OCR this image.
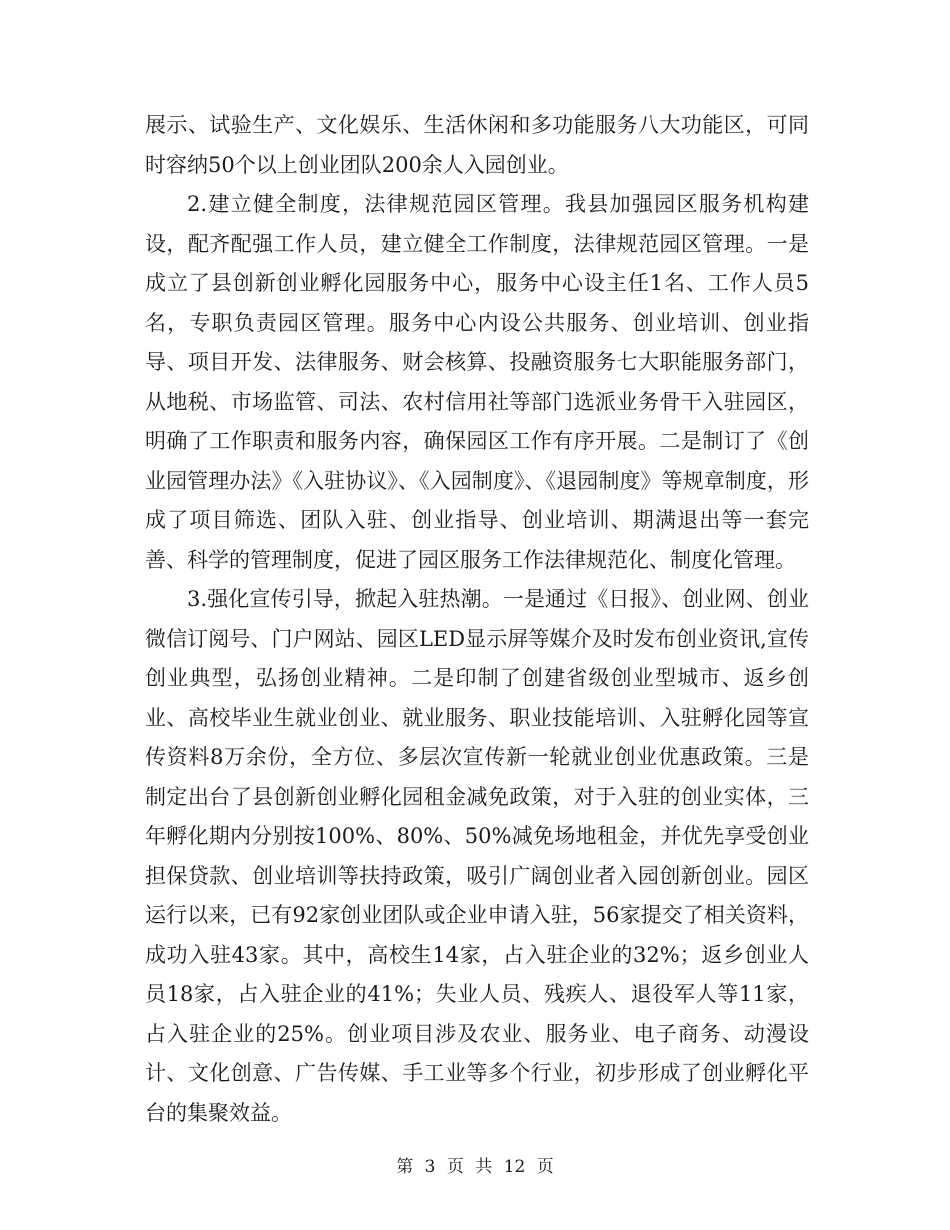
展示、试验生产、文化娱乐、生活休闲和多功能服务八大功能区，可同时容纳50个以上创业团队200余人入园创业。

2.建立健全制度，法律规范园区管理。我县加强园区服务机构建设，配齐配强工作人员，建立健全工作制度，法律规范园区管理。一是成立了县创新创业孵化园服务中心，服务中心设主任1名、工作人员5名，专职负责园区管理。服务中心内设公共服务、创业培训、创业指导、项目开发、法律服务、财会核算、投融资服务七大职能服务部门，从地税、市场监管、司法、农村信用社等部门选派业务骨干入驻园区，明确了工作职责和服务内容，确保园区工作有序开展。二是制订了《创业园管理办法》《入驻协议》、《入园制度》、《退园制度》等规章制度，形成了项目筛选、团队入驻、创业指导、创业培训、期满退出等一套完善、科学的管理制度，促进了园区服务工作法律规范化、制度化管理。

3.强化宣传引导，掀起入驻热潮。一是通过《日报》、创业网、创业微信订阅号、门户网站、园区LED显示屏等媒介及时发布创业资讯,宣传创业典型，弘扬创业精神。二是印制了创建省级创业型城市、返乡创业、高校毕业生就业创业、就业服务、职业技能培训、入驻孵化园等宣传资料8万余份，全方位、多层次宣传新一轮就业创业优惠政策。三是制定出台了县创新创业孵化园租金减免政策，对于入驻的创业实体，三年孵化期内分别按100%、80%、50%减免场地租金，并优先享受创业担保贷款、创业培训等扶持政策，吸引广阔创业者入园创新创业。园区运行以来，已有92家创业团队或企业申请入驻，56家提交了相关资料，成功入驻43家。其中，高校生14家，占入驻企业的32%；返乡创业人员18家，占入驻企业的41%；失业人员、残疾人、退役军人等11家，占入驻企业的25%。创业项目涉及农业、服务业、电子商务、动漫设计、文化创意、广告传媒、手工业等多个行业，初步形成了创业孵化平台的集聚效益。

第 3 页 共 12 页
